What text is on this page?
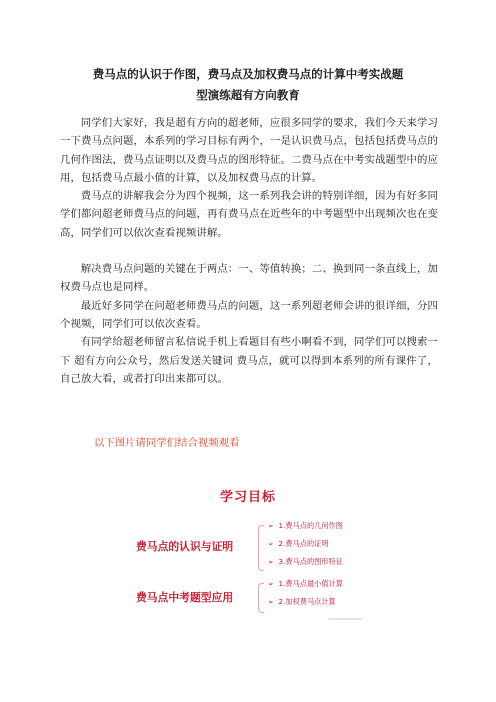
费马点的认识于作图，费马点及加权费马点的计算中考实战题
型演练超有方向教育

同学们大家好，我是超有方向的超老师，应很多同学的要求，我们今天来学习一下费马点问题，本系列的学习目标有两个，一是认识费马点，包括包括费马点的几何作图法，费马点证明以及费马点的图形特征。二费马点在中考实战题型中的应用，包括费马点最小值的计算，以及加权费马点的计算。

费马点的讲解我会分为四个视频，这一系列我会讲的特别详细，因为有好多同学们都问超老师费马点的问题，再有费马点在近些年的中考题型中出现频次也在变高，同学们可以依次查看视频讲解。

解决费马点问题的关键在于两点：一、等值转换；二、换到同一条直线上，加权费马点也是同样。

最近好多同学在问超老师费马点的问题，这一系列超老师会讲的很详细，分四个视频，同学们可以依次查看。

有同学给超老师留言私信说手机上看题目有些小啊看不到，同学们可以搜索一下 超有方向公众号，然后发送关键词 费马点，就可以得到本系列的所有课件了，自己放大看，或者打印出来都可以。

以下图片请同学们结合视频观看
学习目标
费马点的认识与证明
➢ 1.费马点的几何作图
➢ 2.费马点的证明
➢ 3.费马点的图形特征
费马点中考题型应用
➢ 1.费马点最小值计算
➢ 2.加权费马点计算
